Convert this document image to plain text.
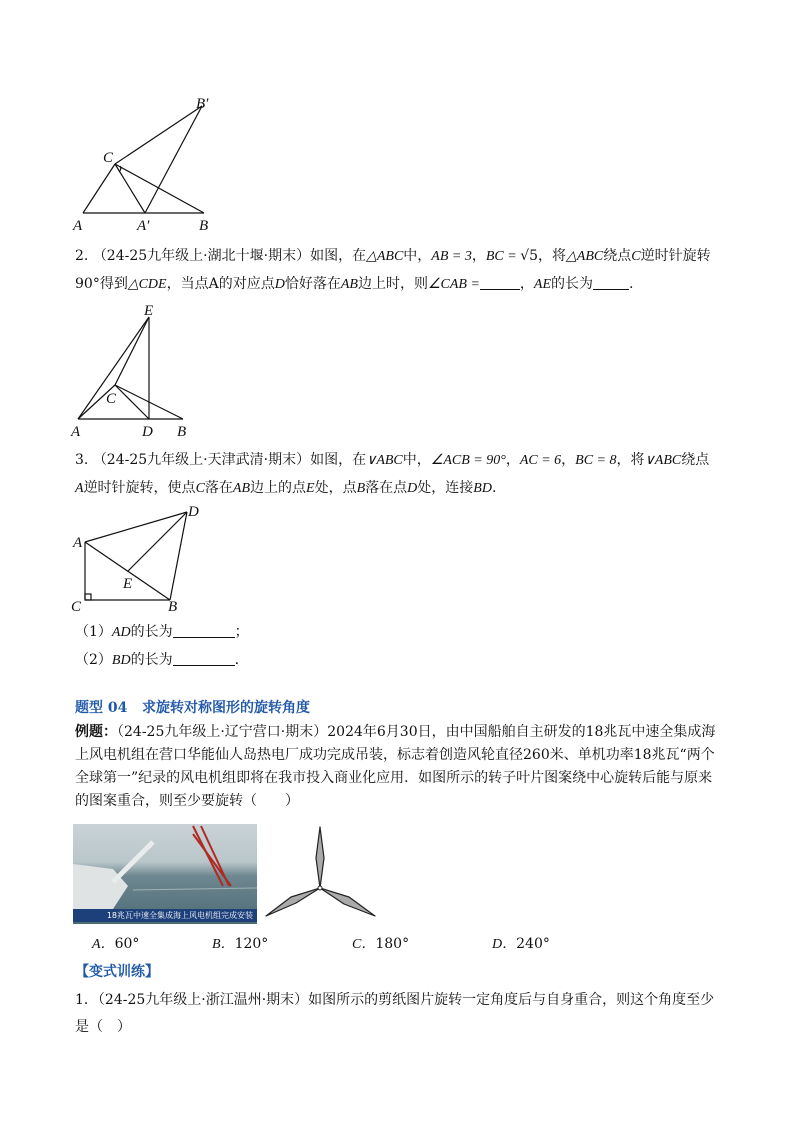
B′
C
A	A′	B
2. （24-25九年级上·湖北十堰·期末）如图，在△ABC中，AB = 3，BC = √5，将△ABC绕点C逆时针旋转
90°得到△CDE，当点A的对应点D恰好落在AB边上时，则∠CAB =	，AE的长为	.
E
C
A	D B
3. （24-25九年级上·天津武清·期末）如图，在∨ABC中，∠ACB = 90°，AC = 6，BC = 8，将∨ABC绕点
A逆时针旋转，使点C落在AB边上的点E处，点B落在点D处，连接BD.
D
A
E
C	B
（1）AD的长为	；
（2）BD的长为	.
题型 04 求旋转对称图形的旋转角度
例题：（24-25九年级上·辽宁营口·期末）2024年6月30日，由中国船舶自主研发的18兆瓦中速全集成海
上风电机组在营口华能仙人岛热电厂成功完成吊装，标志着创造风轮直径260米、单机功率18兆瓦“两个
全球第一”纪录的风电机组即将在我市投入商业化应用．如图所示的转子叶片图案绕中心旋转后能与原来
的图案重合，则至少要旋转（　　）
18兆瓦中速全集成海上风电机组完成安装
A．60°	B．120°	C．180°	D．240°
【变式训练】
1．（24-25九年级上·浙江温州·期末）如图所示的剪纸图片旋转一定角度后与自身重合，则这个角度至少
是（　）
